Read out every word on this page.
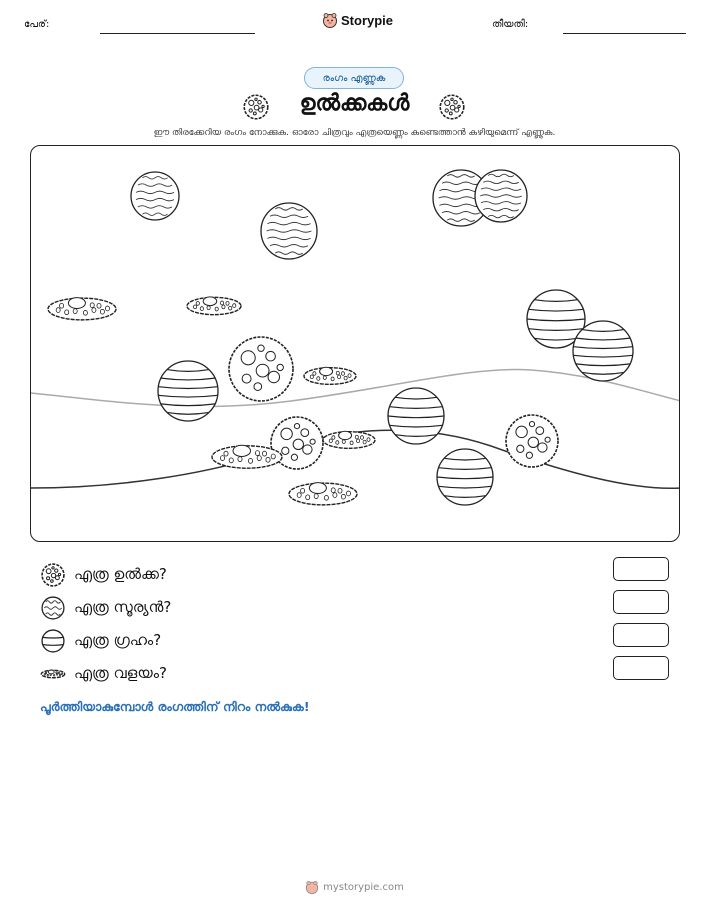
പേര്:	Storypie	തീയതി:
രംഗം എണ്ണുക
ഉൽക്കകൾ
ഈ തിരക്കേറിയ രംഗം നോക്കുക. ഓരോ ചിത്രവും എത്രയെണ്ണം കണ്ടെത്താൻ കഴിയുമെന്ന് എണ്ണുക.
എത്ര ഉൽക്ക?
എത്ര സൂര്യൻ?
എത്ര ഗ്രഹം?
എത്ര വളയം?
പൂർത്തിയാകുമ്പോൾ രംഗത്തിന് നിറം നൽകുക!
mystorypie.com
